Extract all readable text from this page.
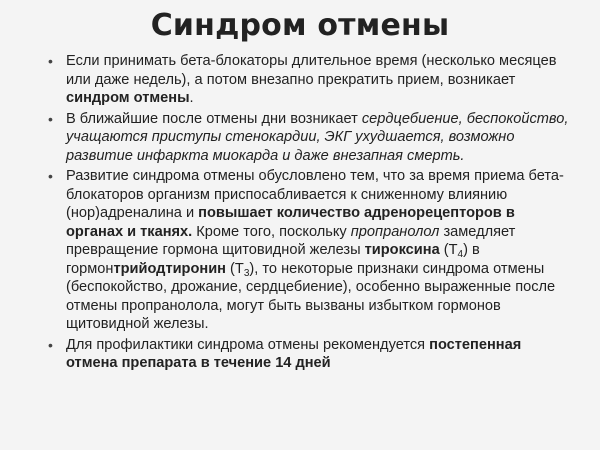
Синдром отмены
• Если принимать бета-блокаторы длительное время (несколько месяцев или даже недель), а потом внезапно прекратить прием, возникает синдром отмены.
• В ближайшие после отмены дни возникает сердцебиение, беспокойство, учащаются приступы стенокардии, ЭКГ ухудшается, возможно развитие инфаркта миокарда и даже внезапная смерть.
• Развитие синдрома отмены обусловлено тем, что за время приема бета-блокаторов организм приспосабливается к сниженному влиянию (нор)адреналина и повышает количество адренорецепторов в органах и тканях. Кроме того, поскольку пропранолол замедляет превращение гормона щитовидной железы тироксина $(T_4)$ в гормонтрийодтиронин $(T_3)$, то некоторые признаки синдрома отмены (беспокойство, дрожание, сердцебиение), особенно выраженные после отмены пропранолола, могут быть вызваны избытком гормонов щитовидной железы.
• Для профилактики синдрома отмены рекомендуется постепенная отмена препарата в течение 14 дней
